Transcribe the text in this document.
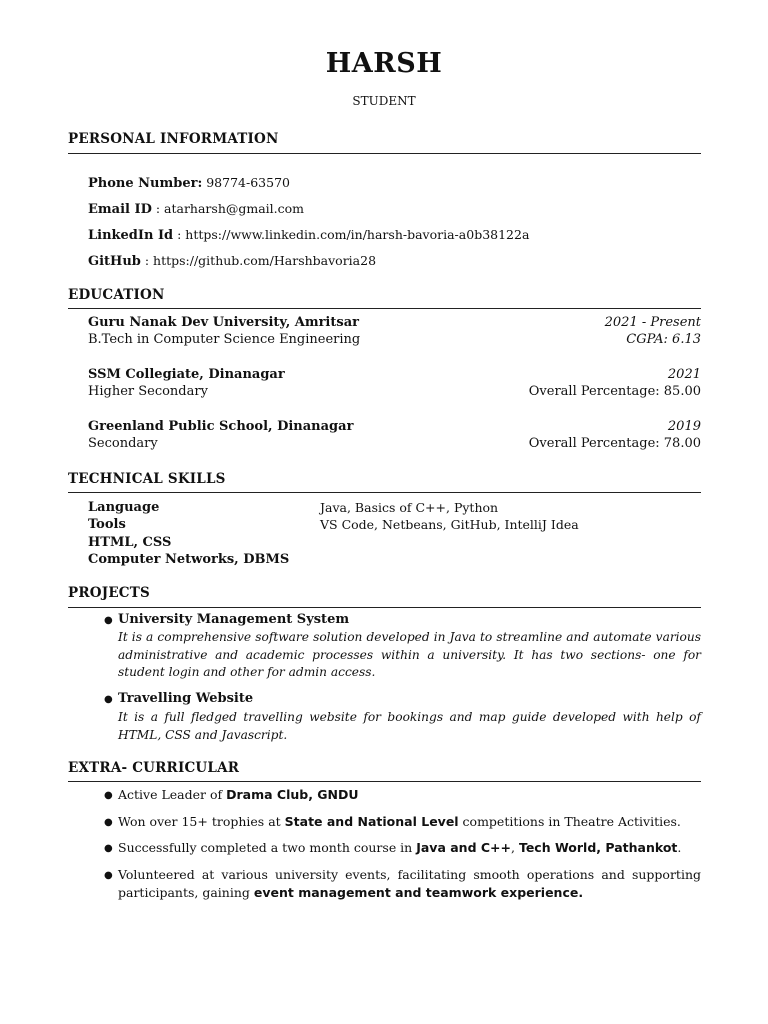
HARSH
STUDENT
PERSONAL INFORMATION
Phone Number: 98774-63570
Email ID : atarharsh@gmail.com
LinkedIn Id : https://www.linkedin.com/in/harsh-bavoria-a0b38122a
GitHub : https://github.com/Harshbavoria28
EDUCATION
Guru Nanak Dev University, Amritsar	2021 - Present
B.Tech in Computer Science Engineering	CGPA: 6.13
SSM Collegiate, Dinanagar	2021
Higher Secondary	Overall Percentage: 85.00
Greenland Public School, Dinanagar	2019
Secondary	Overall Percentage: 78.00
TECHNICAL SKILLS
Language	Java, Basics of C++, Python
Tools	VS Code, Netbeans, GitHub, IntelliJ Idea
HTML, CSS
Computer Networks, DBMS
PROJECTS
● University Management System
It is a comprehensive software solution developed in Java to streamline and automate various administrative and academic processes within a university. It has two sections- one for student login and other for admin access.
● Travelling Website
It is a full fledged travelling website for bookings and map guide developed with help of HTML, CSS and Javascript.
EXTRA- CURRICULAR
● Active Leader of Drama Club, GNDU
● Won over 15+ trophies at State and National Level competitions in Theatre Activities.
● Successfully completed a two month course in Java and C++, Tech World, Pathankot.
● Volunteered at various university events, facilitating smooth operations and supporting participants, gaining event management and teamwork experience.
